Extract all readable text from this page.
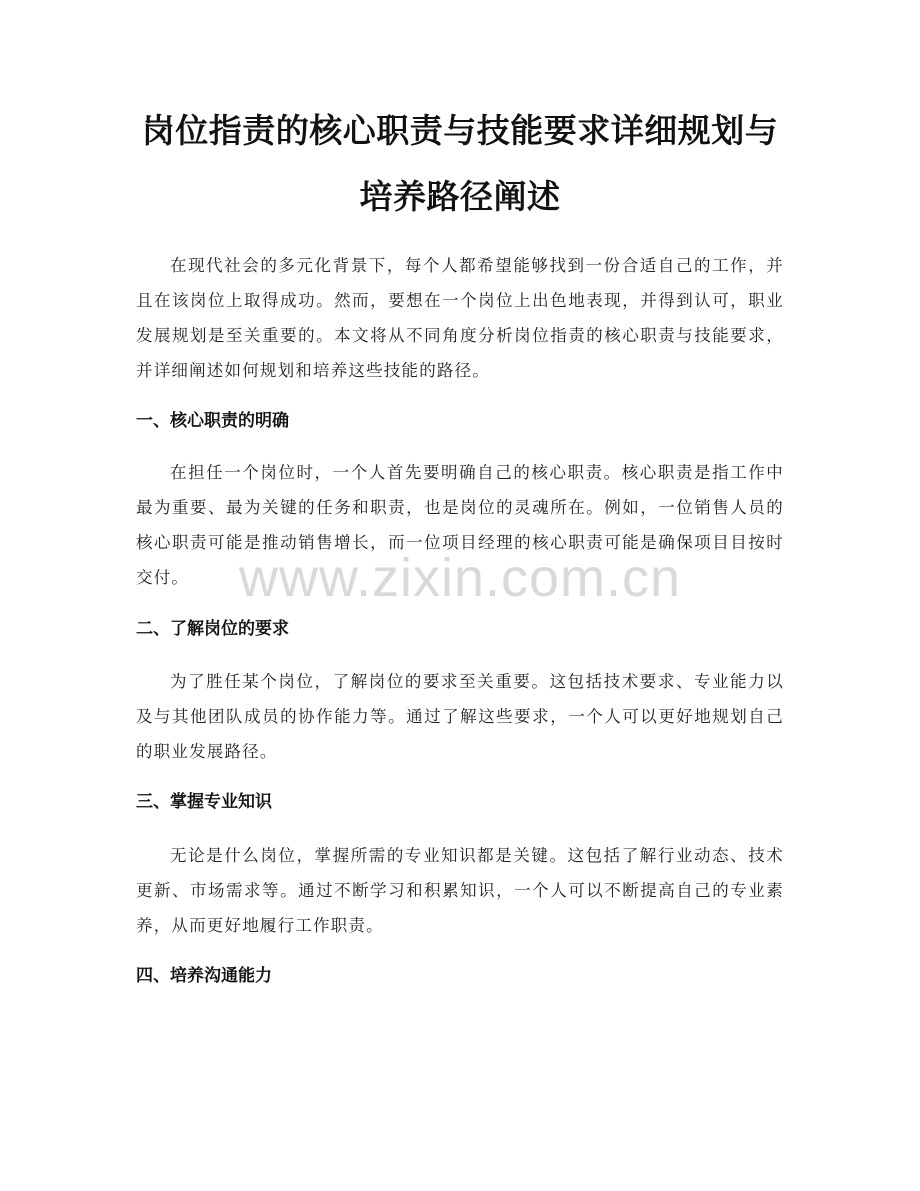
岗位指责的核心职责与技能要求详细规划与
培养路径阐述
在现代社会的多元化背景下，每个人都希望能够找到一份合适自己的工作，并且在该岗位上取得成功。然而，要想在一个岗位上出色地表现，并得到认可，职业发展规划是至关重要的。本文将从不同角度分析岗位指责的核心职责与技能要求，并详细阐述如何规划和培养这些技能的路径。
一、核心职责的明确
在担任一个岗位时，一个人首先要明确自己的核心职责。核心职责是指工作中最为重要、最为关键的任务和职责，也是岗位的灵魂所在。例如，一位销售人员的核心职责可能是推动销售增长，而一位项目经理的核心职责可能是确保项目目按时交付。
二、了解岗位的要求
为了胜任某个岗位，了解岗位的要求至关重要。这包括技术要求、专业能力以及与其他团队成员的协作能力等。通过了解这些要求，一个人可以更好地规划自己的职业发展路径。
三、掌握专业知识
无论是什么岗位，掌握所需的专业知识都是关键。这包括了解行业动态、技术更新、市场需求等。通过不断学习和积累知识，一个人可以不断提高自己的专业素养，从而更好地履行工作职责。
四、培养沟通能力
www.zixin.com.cn
